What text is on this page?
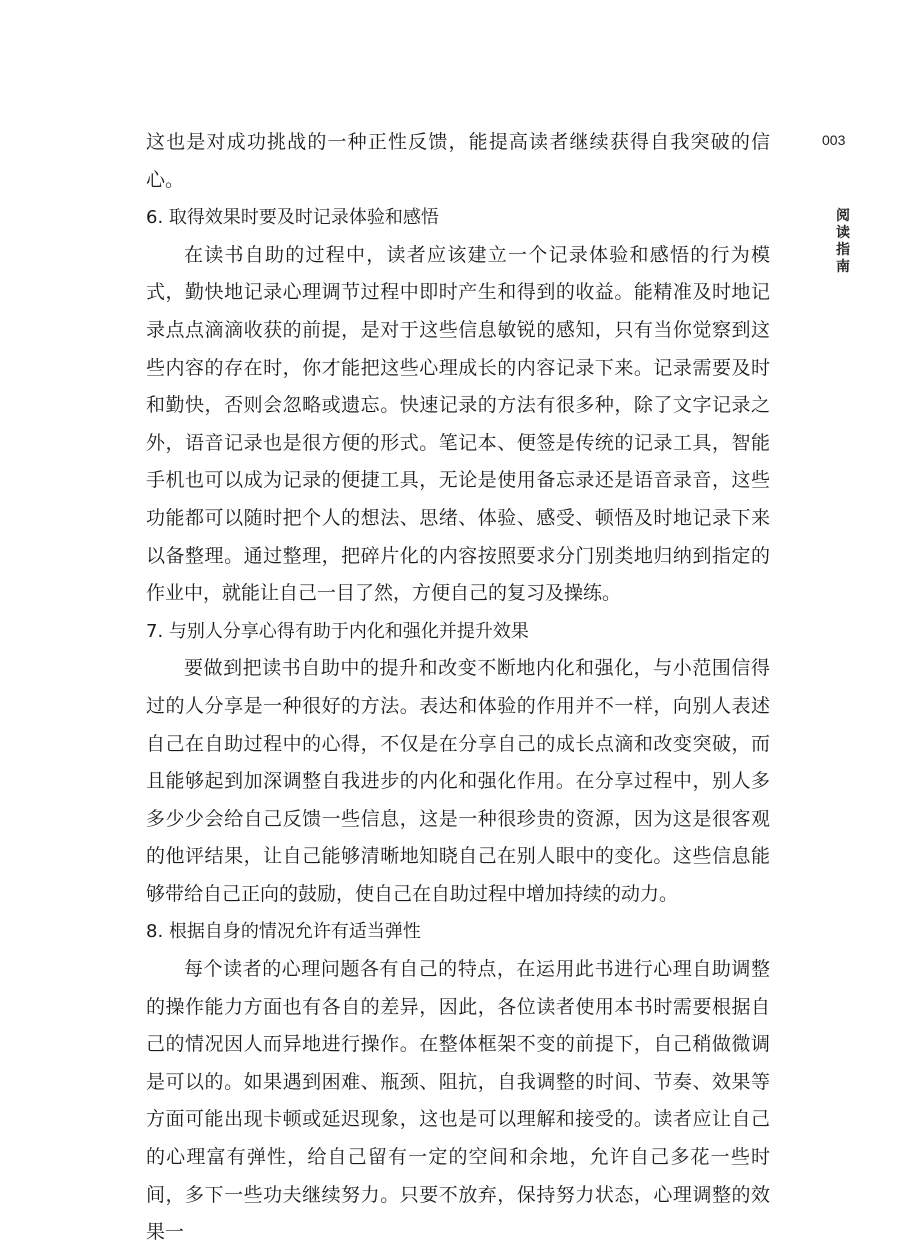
003
阅读指南

这也是对成功挑战的一种正性反馈，能提高读者继续获得自我突破的信心。

6. 取得效果时要及时记录体验和感悟

在读书自助的过程中，读者应该建立一个记录体验和感悟的行为模式，勤快地记录心理调节过程中即时产生和得到的收益。能精准及时地记录点点滴滴收获的前提，是对于这些信息敏锐的感知，只有当你觉察到这些内容的存在时，你才能把这些心理成长的内容记录下来。记录需要及时和勤快，否则会忽略或遗忘。快速记录的方法有很多种，除了文字记录之外，语音记录也是很方便的形式。笔记本、便签是传统的记录工具，智能手机也可以成为记录的便捷工具，无论是使用备忘录还是语音录音，这些功能都可以随时把个人的想法、思绪、体验、感受、顿悟及时地记录下来以备整理。通过整理，把碎片化的内容按照要求分门别类地归纳到指定的作业中，就能让自己一目了然，方便自己的复习及操练。

7. 与别人分享心得有助于内化和强化并提升效果

要做到把读书自助中的提升和改变不断地内化和强化，与小范围信得过的人分享是一种很好的方法。表达和体验的作用并不一样，向别人表述自己在自助过程中的心得，不仅是在分享自己的成长点滴和改变突破，而且能够起到加深调整自我进步的内化和强化作用。在分享过程中，别人多多少少会给自己反馈一些信息，这是一种很珍贵的资源，因为这是很客观的他评结果，让自己能够清晰地知晓自己在别人眼中的变化。这些信息能够带给自己正向的鼓励，使自己在自助过程中增加持续的动力。

8. 根据自身的情况允许有适当弹性

每个读者的心理问题各有自己的特点，在运用此书进行心理自助调整的操作能力方面也有各自的差异，因此，各位读者使用本书时需要根据自己的情况因人而异地进行操作。在整体框架不变的前提下，自己稍做微调是可以的。如果遇到困难、瓶颈、阻抗，自我调整的时间、节奏、效果等方面可能出现卡顿或延迟现象，这也是可以理解和接受的。读者应让自己的心理富有弹性，给自己留有一定的空间和余地，允许自己多花一些时间，多下一些功夫继续努力。只要不放弃，保持努力状态，心理调整的效果一
